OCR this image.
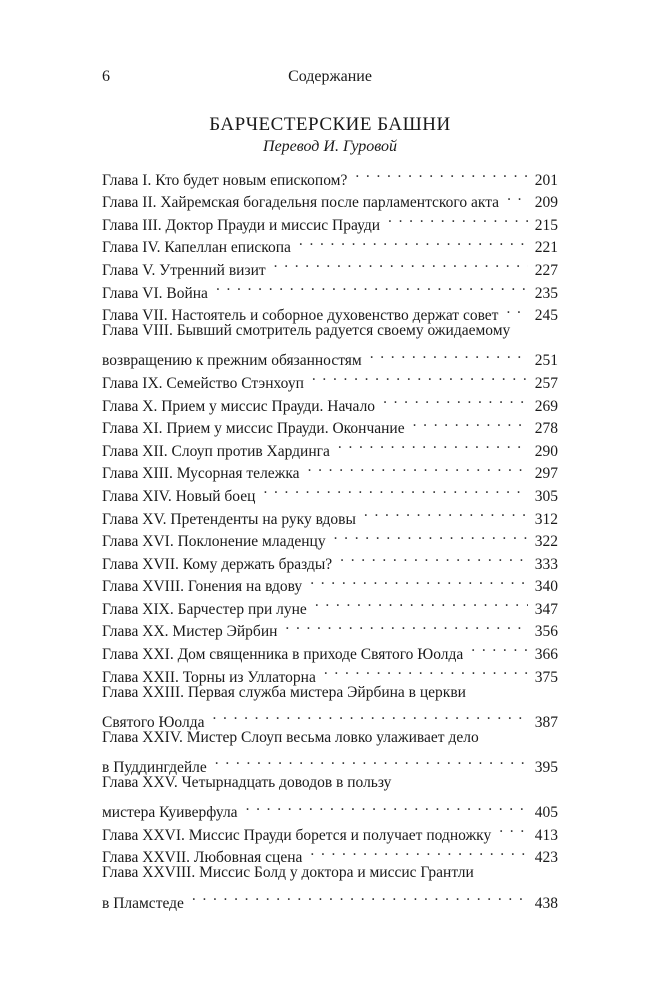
6	Содержание
БАРЧЕСТЕРСКИЕ БАШНИ
Перевод И. Гуровой
Глава I. Кто будет новым епископом? . . .	201
Глава II. Хайремская богадельня после парламентского акта . . . 209
Глава III. Доктор Прауди и миссис Прауди . . .	215
Глава IV. Капеллан епископа . . .	221
Глава V. Утренний визит . . .	227
Глава VI. Война . . .	235
Глава VII. Настоятель и соборное духовенство держат совет . . . 245
Глава VIII. Бывший смотритель радуется своему ожидаемому
возвращению к прежним обязанностям . . .	251
Глава IX. Семейство Стэнхоуп . . .	257
Глава X. Прием у миссис Прауди. Начало . . .	269
Глава XI. Прием у миссис Прауди. Окончание . . .	278
Глава XII. Слоуп против Хардинга . . .	290
Глава XIII. Мусорная тележка . . .	297
Глава XIV. Новый боец . . .	305
Глава XV. Претенденты на руку вдовы . . .	312
Глава XVI. Поклонение младенцу . . .	322
Глава XVII. Кому держать бразды? . . .	333
Глава XVIII. Гонения на вдову . . .	340
Глава XIX. Барчестер при луне . . .	347
Глава XX. Мистер Эйрбин . . .	356
Глава XXI. Дом священника в приходе Святого Юолда . . .	366
Глава XXII. Торны из Уллаторна . . .	375
Глава XXIII. Первая служба мистера Эйрбина в церкви
Святого Юолда . . .	387
Глава XXIV. Мистер Слоуп весьма ловко улаживает дело
в Пуддингдейле . . .	395
Глава XXV. Четырнадцать доводов в пользу
мистера Куиверфула . . .	405
Глава XXVI. Миссис Прауди борется и получает подножку . . .	413
Глава XXVII. Любовная сцена . . .	423
Глава XXVIII. Миссис Болд у доктора и миссис Грантли
в Пламстеде . . .	438
